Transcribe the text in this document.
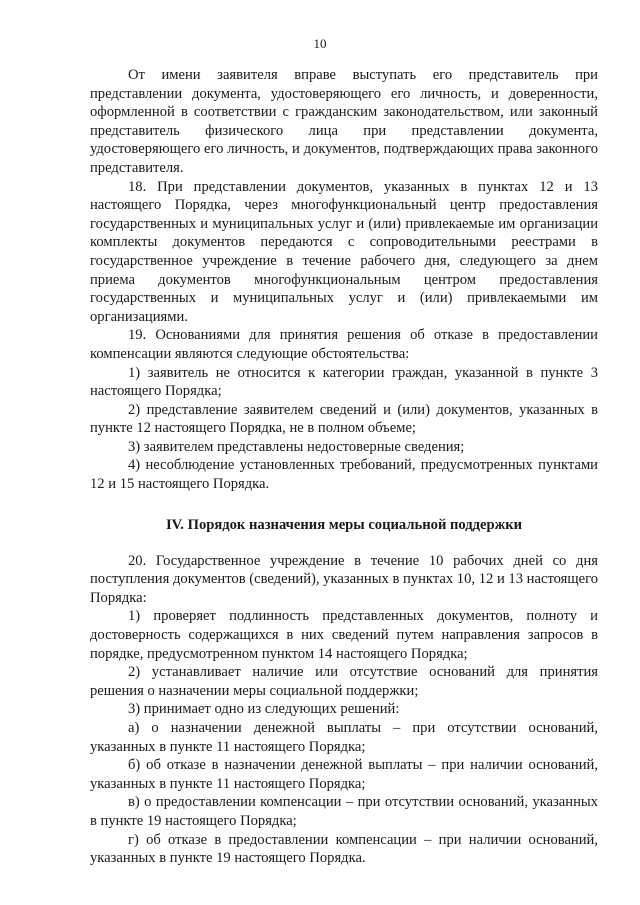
10

От имени заявителя вправе выступать его представитель при представлении документа, удостоверяющего его личность, и доверенности, оформленной в соответствии с гражданским законодательством, или законный представитель физического лица при представлении документа, удостоверяющего его личность, и документов, подтверждающих права законного представителя.

18. При представлении документов, указанных в пунктах 12 и 13 настоящего Порядка, через многофункциональный центр предоставления государственных и муниципальных услуг и (или) привлекаемые им организации комплекты документов передаются с сопроводительными реестрами в государственное учреждение в течение рабочего дня, следующего за днем приема документов многофункциональным центром предоставления государственных и муниципальных услуг и (или) привлекаемыми им организациями.

19. Основаниями для принятия решения об отказе в предоставлении компенсации являются следующие обстоятельства:

1) заявитель не относится к категории граждан, указанной в пункте 3 настоящего Порядка;

2) представление заявителем сведений и (или) документов, указанных в пункте 12 настоящего Порядка, не в полном объеме;

3) заявителем представлены недостоверные сведения;

4) несоблюдение установленных требований, предусмотренных пунктами 12 и 15 настоящего Порядка.

IV. Порядок назначения меры социальной поддержки

20. Государственное учреждение в течение 10 рабочих дней со дня поступления документов (сведений), указанных в пунктах 10, 12 и 13 настоящего Порядка:

1) проверяет подлинность представленных документов, полноту и достоверность содержащихся в них сведений путем направления запросов в порядке, предусмотренном пунктом 14 настоящего Порядка;

2) устанавливает наличие или отсутствие оснований для принятия решения о назначении меры социальной поддержки;

3) принимает одно из следующих решений:

а) о назначении денежной выплаты – при отсутствии оснований, указанных в пункте 11 настоящего Порядка;

б) об отказе в назначении денежной выплаты – при наличии оснований, указанных в пункте 11 настоящего Порядка;

в) о предоставлении компенсации – при отсутствии оснований, указанных в пункте 19 настоящего Порядка;

г) об отказе в предоставлении компенсации – при наличии оснований, указанных в пункте 19 настоящего Порядка.
